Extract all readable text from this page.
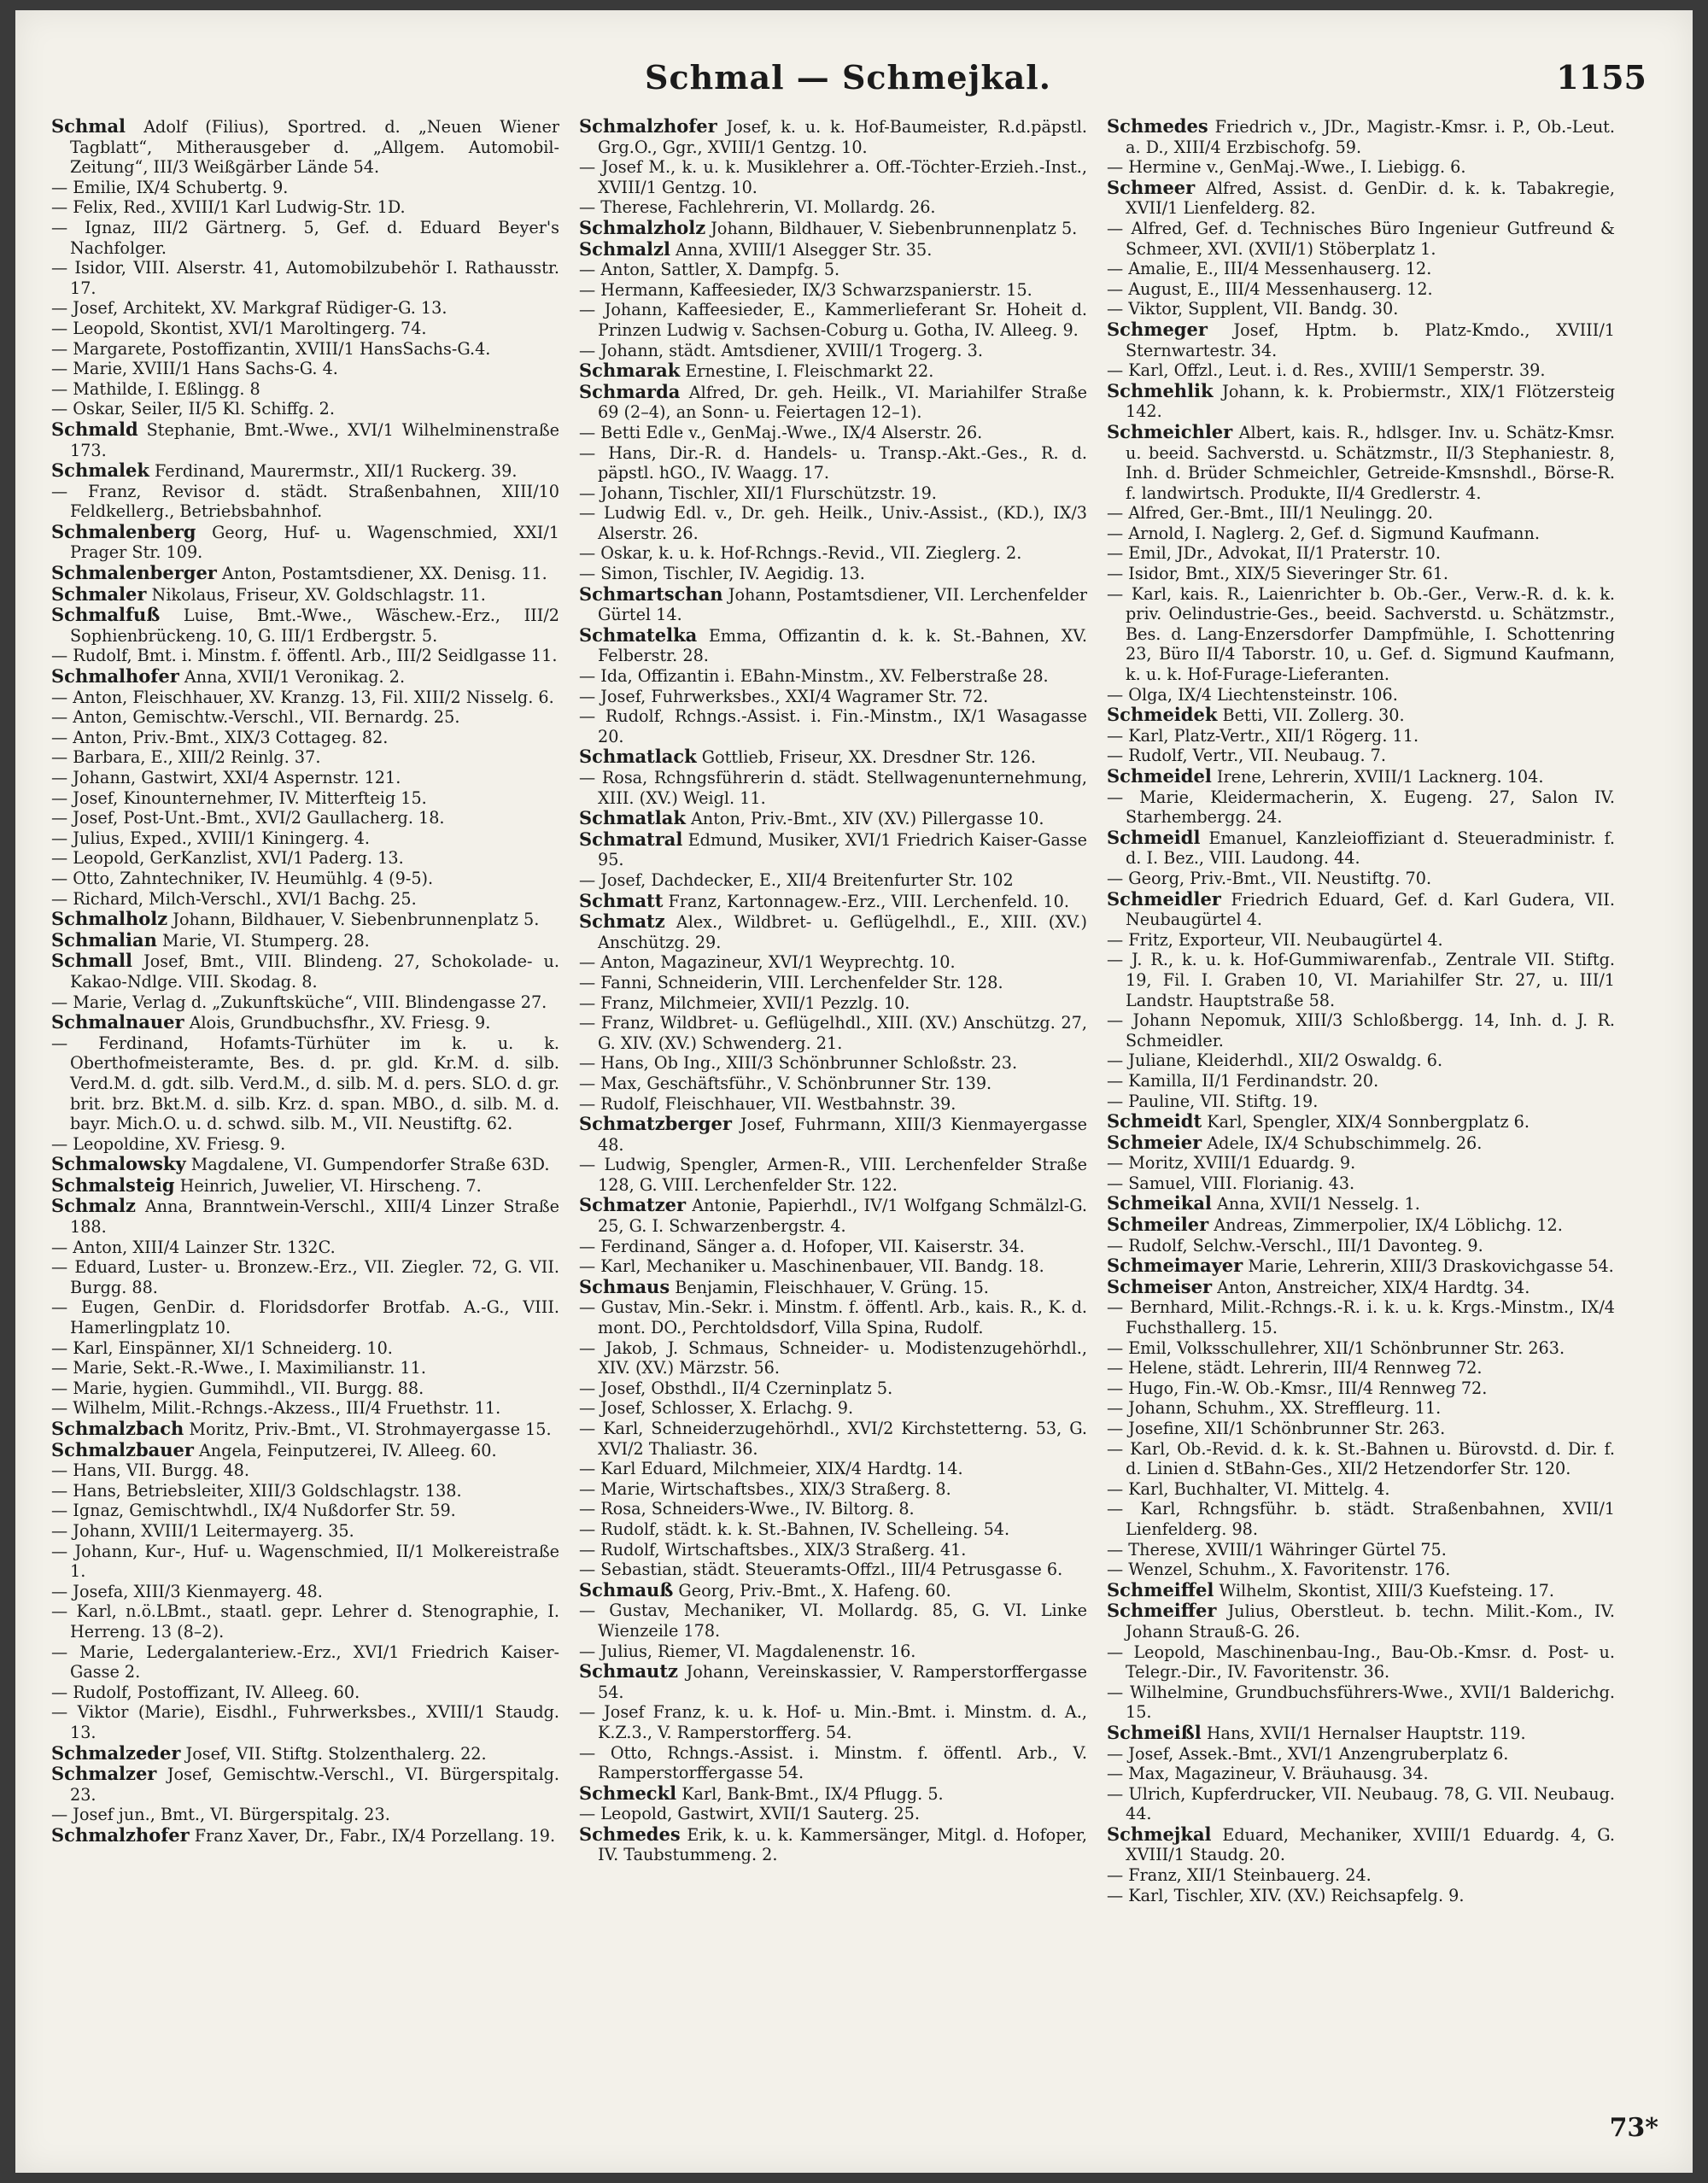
Schmal — Schmejkal.	1155

Schmal Adolf (Filius), Sportred. d. „Neuen Wiener Tagblatt“, Mitherausgeber d. „Allgem. Automobil-Zeitung“, III/3 Weißgärber Lände 54.

— Emilie, IX/4 Schubertg. 9.

— Felix, Red., XVIII/1 Karl Ludwig-Str. 1D.

— Ignaz, III/2 Gärtnerg. 5, Gef. d. Eduard Beyer's Nachfolger.

— Isidor, VIII. Alserstr. 41, Automobilzubehör I. Rathausstr. 17.

— Josef, Architekt, XV. Markgraf Rüdiger-G. 13.

— Leopold, Skontist, XVI/1 Maroltingerg. 74.

— Margarete, Postoffizantin, XVIII/1 HansSachs-G.4.

— Marie, XVIII/1 Hans Sachs-G. 4.

— Mathilde, I. Eßlingg. 8

— Oskar, Seiler, II/5 Kl. Schiffg. 2.

Schmald Stephanie, Bmt.-Wwe., XVI/1 Wilhelminenstraße 173.

Schmalek Ferdinand, Maurermstr., XII/1 Ruckerg. 39.

— Franz, Revisor d. städt. Straßenbahnen, XIII/10 Feldkellerg., Betriebsbahnhof.

Schmalenberg Georg, Huf- u. Wagenschmied, XXI/1 Prager Str. 109.

Schmalenberger Anton, Postamtsdiener, XX. Denisg. 11.

Schmaler Nikolaus, Friseur, XV. Goldschlagstr. 11.

Schmalfuß Luise, Bmt.-Wwe., Wäschew.-Erz., III/2 Sophienbrückeng. 10, G. III/1 Erdbergstr. 5.

— Rudolf, Bmt. i. Minstm. f. öffentl. Arb., III/2 Seidlgasse 11.

Schmalhofer Anna, XVII/1 Veronikag. 2.

— Anton, Fleischhauer, XV. Kranzg. 13, Fil. XIII/2 Nisselg. 6.

— Anton, Gemischtw.-Verschl., VII. Bernardg. 25.

— Anton, Priv.-Bmt., XIX/3 Cottageg. 82.

— Barbara, E., XIII/2 Reinlg. 37.

— Johann, Gastwirt, XXI/4 Aspernstr. 121.

— Josef, Kinounternehmer, IV. Mitterfteig 15.

— Josef, Post-Unt.-Bmt., XVI/2 Gaullacherg. 18.

— Julius, Exped., XVIII/1 Kiningerg. 4.

— Leopold, GerKanzlist, XVI/1 Paderg. 13.

— Otto, Zahntechniker, IV. Heumühlg. 4 (9-5).

— Richard, Milch-Verschl., XVI/1 Bachg. 25.

Schmalholz Johann, Bildhauer, V. Siebenbrunnenplatz 5.

Schmalian Marie, VI. Stumperg. 28.

Schmall Josef, Bmt., VIII. Blindeng. 27, Schokolade- u. Kakao-Ndlge. VIII. Skodag. 8.

— Marie, Verlag d. „Zukunftsküche“, VIII. Blindengasse 27.

Schmalnauer Alois, Grundbuchsfhr., XV. Friesg. 9.

— Ferdinand, Hofamts-Türhüter im k. u. k. Oberthofmeisteramte, Bes. d. pr. gld. Kr.M. d. silb. Verd.M. d. gdt. silb. Verd.M., d. silb. M. d. pers. SLO. d. gr. brit. brz. Bkt.M. d. silb. Krz. d. span. MBO., d. silb. M. d. bayr. Mich.O. u. d. schwd. silb. M., VII. Neustiftg. 62.

— Leopoldine, XV. Friesg. 9.

Schmalowsky Magdalene, VI. Gumpendorfer Straße 63D.

Schmalsteig Heinrich, Juwelier, VI. Hirscheng. 7.

Schmalz Anna, Branntwein-Verschl., XIII/4 Linzer Straße 188.

— Anton, XIII/4 Lainzer Str. 132C.

— Eduard, Luster- u. Bronzew.-Erz., VII. Ziegler. 72, G. VII. Burgg. 88.

— Eugen, GenDir. d. Floridsdorfer Brotfab. A.-G., VIII. Hamerlingplatz 10.

— Karl, Einspänner, XI/1 Schneiderg. 10.

— Marie, Sekt.-R.-Wwe., I. Maximilianstr. 11.

— Marie, hygien. Gummihdl., VII. Burgg. 88.

— Wilhelm, Milit.-Rchngs.-Akzess., III/4 Fruethstr. 11.

Schmalzbach Moritz, Priv.-Bmt., VI. Strohmayergasse 15.

Schmalzbauer Angela, Feinputzerei, IV. Alleeg. 60.

— Hans, VII. Burgg. 48.

— Hans, Betriebsleiter, XIII/3 Goldschlagstr. 138.

— Ignaz, Gemischtwhdl., IX/4 Nußdorfer Str. 59.

— Johann, XVIII/1 Leitermayerg. 35.

— Johann, Kur-, Huf- u. Wagenschmied, II/1 Molkereistraße 1.

— Josefa, XIII/3 Kienmayerg. 48.

— Karl, n.ö.LBmt., staatl. gepr. Lehrer d. Stenographie, I. Herreng. 13 (8–2).

— Marie, Ledergalanteriew.-Erz., XVI/1 Friedrich Kaiser-Gasse 2.

— Rudolf, Postoffizant, IV. Alleeg. 60.

— Viktor (Marie), Eisdhl., Fuhrwerksbes., XVIII/1 Staudg. 13.

Schmalzeder Josef, VII. Stiftg. Stolzenthalerg. 22.

Schmalzer Josef, Gemischtw.-Verschl., VI. Bürgerspitalg. 23.

— Josef jun., Bmt., VI. Bürgerspitalg. 23.

Schmalzhofer Franz Xaver, Dr., Fabr., IX/4 Porzellang. 19.

Schmalzhofer Josef, k. u. k. Hof-Baumeister, R.d.päpstl. Grg.O., Ggr., XVIII/1 Gentzg. 10.

— Josef M., k. u. k. Musiklehrer a. Off.-Töchter-Erzieh.-Inst., XVIII/1 Gentzg. 10.

— Therese, Fachlehrerin, VI. Mollardg. 26.

Schmalzholz Johann, Bildhauer, V. Siebenbrunnenplatz 5.

Schmalzl Anna, XVIII/1 Alsegger Str. 35.

— Anton, Sattler, X. Dampfg. 5.

— Hermann, Kaffeesieder, IX/3 Schwarzspanierstr. 15.

— Johann, Kaffeesieder, E., Kammerlieferant Sr. Hoheit d. Prinzen Ludwig v. Sachsen-Coburg u. Gotha, IV. Alleeg. 9.

— Johann, städt. Amtsdiener, XVIII/1 Trogerg. 3.

Schmarak Ernestine, I. Fleischmarkt 22.

Schmarda Alfred, Dr. geh. Heilk., VI. Mariahilfer Straße 69 (2–4), an Sonn- u. Feiertagen 12–1).

— Betti Edle v., GenMaj.-Wwe., IX/4 Alserstr. 26.

— Hans, Dir.-R. d. Handels- u. Transp.-Akt.-Ges., R. d. päpstl. hGO., IV. Waagg. 17.

— Johann, Tischler, XII/1 Flurschützstr. 19.

— Ludwig Edl. v., Dr. geh. Heilk., Univ.-Assist., (KD.), IX/3 Alserstr. 26.

— Oskar, k. u. k. Hof-Rchngs.-Revid., VII. Zieglerg. 2.

— Simon, Tischler, IV. Aegidig. 13.

Schmartschan Johann, Postamtsdiener, VII. Lerchenfelder Gürtel 14.

Schmatelka Emma, Offizantin d. k. k. St.-Bahnen, XV. Felberstr. 28.

— Ida, Offizantin i. EBahn-Minstm., XV. Felberstraße 28.

— Josef, Fuhrwerksbes., XXI/4 Wagramer Str. 72.

— Rudolf, Rchngs.-Assist. i. Fin.-Minstm., IX/1 Wasagasse 20.

Schmatlack Gottlieb, Friseur, XX. Dresdner Str. 126.

— Rosa, Rchngsführerin d. städt. Stellwagenunternehmung, XIII. (XV.) Weigl. 11.

Schmatlak Anton, Priv.-Bmt., XIV (XV.) Pillergasse 10.

Schmatral Edmund, Musiker, XVI/1 Friedrich Kaiser-Gasse 95.

— Josef, Dachdecker, E., XII/4 Breitenfurter Str. 102

Schmatt Franz, Kartonnagew.-Erz., VIII. Lerchenfeld. 10.

Schmatz Alex., Wildbret- u. Geflügelhdl., E., XIII. (XV.) Anschützg. 29.

— Anton, Magazineur, XVI/1 Weyprechtg. 10.

— Fanni, Schneiderin, VIII. Lerchenfelder Str. 128.

— Franz, Milchmeier, XVII/1 Pezzlg. 10.

— Franz, Wildbret- u. Geflügelhdl., XIII. (XV.) Anschützg. 27, G. XIV. (XV.) Schwenderg. 21.

— Hans, Ob Ing., XIII/3 Schönbrunner Schloßstr. 23.

— Max, Geschäftsführ., V. Schönbrunner Str. 139.

— Rudolf, Fleischhauer, VII. Westbahnstr. 39.

Schmatzberger Josef, Fuhrmann, XIII/3 Kienmayergasse 48.

— Ludwig, Spengler, Armen-R., VIII. Lerchenfelder Straße 128, G. VIII. Lerchenfelder Str. 122.

Schmatzer Antonie, Papierhdl., IV/1 Wolfgang Schmälzl-G. 25, G. I. Schwarzenbergstr. 4.

— Ferdinand, Sänger a. d. Hofoper, VII. Kaiserstr. 34.

— Karl, Mechaniker u. Maschinenbauer, VII. Bandg. 18.

Schmaus Benjamin, Fleischhauer, V. Grüng. 15.

— Gustav, Min.-Sekr. i. Minstm. f. öffentl. Arb., kais. R., K. d. mont. DO., Perchtoldsdorf, Villa Spina, Rudolf.

— Jakob, J. Schmaus, Schneider- u. Modistenzugehörhdl., XIV. (XV.) Märzstr. 56.

— Josef, Obsthdl., II/4 Czerninplatz 5.

— Josef, Schlosser, X. Erlachg. 9.

— Karl, Schneiderzugehörhdl., XVI/2 Kirchstetterng. 53, G. XVI/2 Thaliastr. 36.

— Karl Eduard, Milchmeier, XIX/4 Hardtg. 14.

— Marie, Wirtschaftsbes., XIX/3 Straßerg. 8.

— Rosa, Schneiders-Wwe., IV. Biltorg. 8.

— Rudolf, städt. k. k. St.-Bahnen, IV. Schelleing. 54.

— Rudolf, Wirtschaftsbes., XIX/3 Straßerg. 41.

— Sebastian, städt. Steueramts-Offzl., III/4 Petrusgasse 6.

Schmauß Georg, Priv.-Bmt., X. Hafeng. 60.

— Gustav, Mechaniker, VI. Mollardg. 85, G. VI. Linke Wienzeile 178.

— Julius, Riemer, VI. Magdalenenstr. 16.

Schmautz Johann, Vereinskassier, V. Ramperstorffergasse 54.

— Josef Franz, k. u. k. Hof- u. Min.-Bmt. i. Minstm. d. A., K.Z.3., V. Ramperstorfferg. 54.

— Otto, Rchngs.-Assist. i. Minstm. f. öffentl. Arb., V. Ramperstorffergasse 54.

Schmeckl Karl, Bank-Bmt., IX/4 Pflugg. 5.

— Leopold, Gastwirt, XVII/1 Sauterg. 25.

Schmedes Erik, k. u. k. Kammersänger, Mitgl. d. Hofoper, IV. Taubstummeng. 2.

Schmedes Friedrich v., JDr., Magistr.-Kmsr. i. P., Ob.-Leut. a. D., XIII/4 Erzbischofg. 59.

— Hermine v., GenMaj.-Wwe., I. Liebigg. 6.

Schmeer Alfred, Assist. d. GenDir. d. k. k. Tabakregie, XVII/1 Lienfelderg. 82.

— Alfred, Gef. d. Technisches Büro Ingenieur Gutfreund & Schmeer, XVI. (XVII/1) Stöberplatz 1.

— Amalie, E., III/4 Messenhauserg. 12.

— August, E., III/4 Messenhauserg. 12.

— Viktor, Supplent, VII. Bandg. 30.

Schmeger Josef, Hptm. b. Platz-Kmdo., XVIII/1 Sternwartestr. 34.

— Karl, Offzl., Leut. i. d. Res., XVIII/1 Semperstr. 39.

Schmehlik Johann, k. k. Probiermstr., XIX/1 Flötzersteig 142.

Schmeichler Albert, kais. R., hdlsger. Inv. u. Schätz-Kmsr. u. beeid. Sachverstd. u. Schätzmstr., II/3 Stephaniestr. 8, Inh. d. Brüder Schmeichler, Getreide-Kmsnshdl., Börse-R. f. landwirtsch. Produkte, II/4 Gredlerstr. 4.

— Alfred, Ger.-Bmt., III/1 Neulingg. 20.

— Arnold, I. Naglerg. 2, Gef. d. Sigmund Kaufmann.

— Emil, JDr., Advokat, II/1 Praterstr. 10.

— Isidor, Bmt., XIX/5 Sieveringer Str. 61.

— Karl, kais. R., Laienrichter b. Ob.-Ger., Verw.-R. d. k. k. priv. Oelindustrie-Ges., beeid. Sachverstd. u. Schätzmstr., Bes. d. Lang-Enzersdorfer Dampfmühle, I. Schottenring 23, Büro II/4 Taborstr. 10, u. Gef. d. Sigmund Kaufmann, k. u. k. Hof-Furage-Lieferanten.

— Olga, IX/4 Liechtensteinstr. 106.

Schmeidek Betti, VII. Zollerg. 30.

— Karl, Platz-Vertr., XII/1 Rögerg. 11.

— Rudolf, Vertr., VII. Neubaug. 7.

Schmeidel Irene, Lehrerin, XVIII/1 Lacknerg. 104.

— Marie, Kleidermacherin, X. Eugeng. 27, Salon IV. Starhembergg. 24.

Schmeidl Emanuel, Kanzleioffiziant d. Steueradministr. f. d. I. Bez., VIII. Laudong. 44.

— Georg, Priv.-Bmt., VII. Neustiftg. 70.

Schmeidler Friedrich Eduard, Gef. d. Karl Gudera, VII. Neubaugürtel 4.

— Fritz, Exporteur, VII. Neubaugürtel 4.

— J. R., k. u. k. Hof-Gummiwarenfab., Zentrale VII. Stiftg. 19, Fil. I. Graben 10, VI. Mariahilfer Str. 27, u. III/1 Landstr. Hauptstraße 58.

— Johann Nepomuk, XIII/3 Schloßbergg. 14, Inh. d. J. R. Schmeidler.

— Juliane, Kleiderhdl., XII/2 Oswaldg. 6.

— Kamilla, II/1 Ferdinandstr. 20.

— Pauline, VII. Stiftg. 19.

Schmeidt Karl, Spengler, XIX/4 Sonnbergplatz 6.

Schmeier Adele, IX/4 Schubschimmelg. 26.

— Moritz, XVIII/1 Eduardg. 9.

— Samuel, VIII. Florianig. 43.

Schmeikal Anna, XVII/1 Nesselg. 1.

Schmeiler Andreas, Zimmerpolier, IX/4 Löblichg. 12.

— Rudolf, Selchw.-Verschl., III/1 Davonteg. 9.

Schmeimayer Marie, Lehrerin, XIII/3 Draskovichgasse 54.

Schmeiser Anton, Anstreicher, XIX/4 Hardtg. 34.

— Bernhard, Milit.-Rchngs.-R. i. k. u. k. Krgs.-Minstm., IX/4 Fuchsthallerg. 15.

— Emil, Volksschullehrer, XII/1 Schönbrunner Str. 263.

— Helene, städt. Lehrerin, III/4 Rennweg 72.

— Hugo, Fin.-W. Ob.-Kmsr., III/4 Rennweg 72.

— Johann, Schuhm., XX. Streffleurg. 11.

— Josefine, XII/1 Schönbrunner Str. 263.

— Karl, Ob.-Revid. d. k. k. St.-Bahnen u. Bürovstd. d. Dir. f. d. Linien d. StBahn-Ges., XII/2 Hetzendorfer Str. 120.

— Karl, Buchhalter, VI. Mittelg. 4.

— Karl, Rchngsführ. b. städt. Straßenbahnen, XVII/1 Lienfelderg. 98.

— Therese, XVIII/1 Währinger Gürtel 75.

— Wenzel, Schuhm., X. Favoritenstr. 176.

Schmeiffel Wilhelm, Skontist, XIII/3 Kuefsteing. 17.

Schmeiffer Julius, Oberstleut. b. techn. Milit.-Kom., IV. Johann Strauß-G. 26.

— Leopold, Maschinenbau-Ing., Bau-Ob.-Kmsr. d. Post- u. Telegr.-Dir., IV. Favoritenstr. 36.

— Wilhelmine, Grundbuchsführers-Wwe., XVII/1 Balderichg. 15.

Schmeißl Hans, XVII/1 Hernalser Hauptstr. 119.

— Josef, Assek.-Bmt., XVI/1 Anzengruberplatz 6.

— Max, Magazineur, V. Bräuhausg. 34.

— Ulrich, Kupferdrucker, VII. Neubaug. 78, G. VII. Neubaug. 44.

Schmejkal Eduard, Mechaniker, XVIII/1 Eduardg. 4, G. XVIII/1 Staudg. 20.

— Franz, XII/1 Steinbauerg. 24.

— Karl, Tischler, XIV. (XV.) Reichsapfelg. 9.

73*
